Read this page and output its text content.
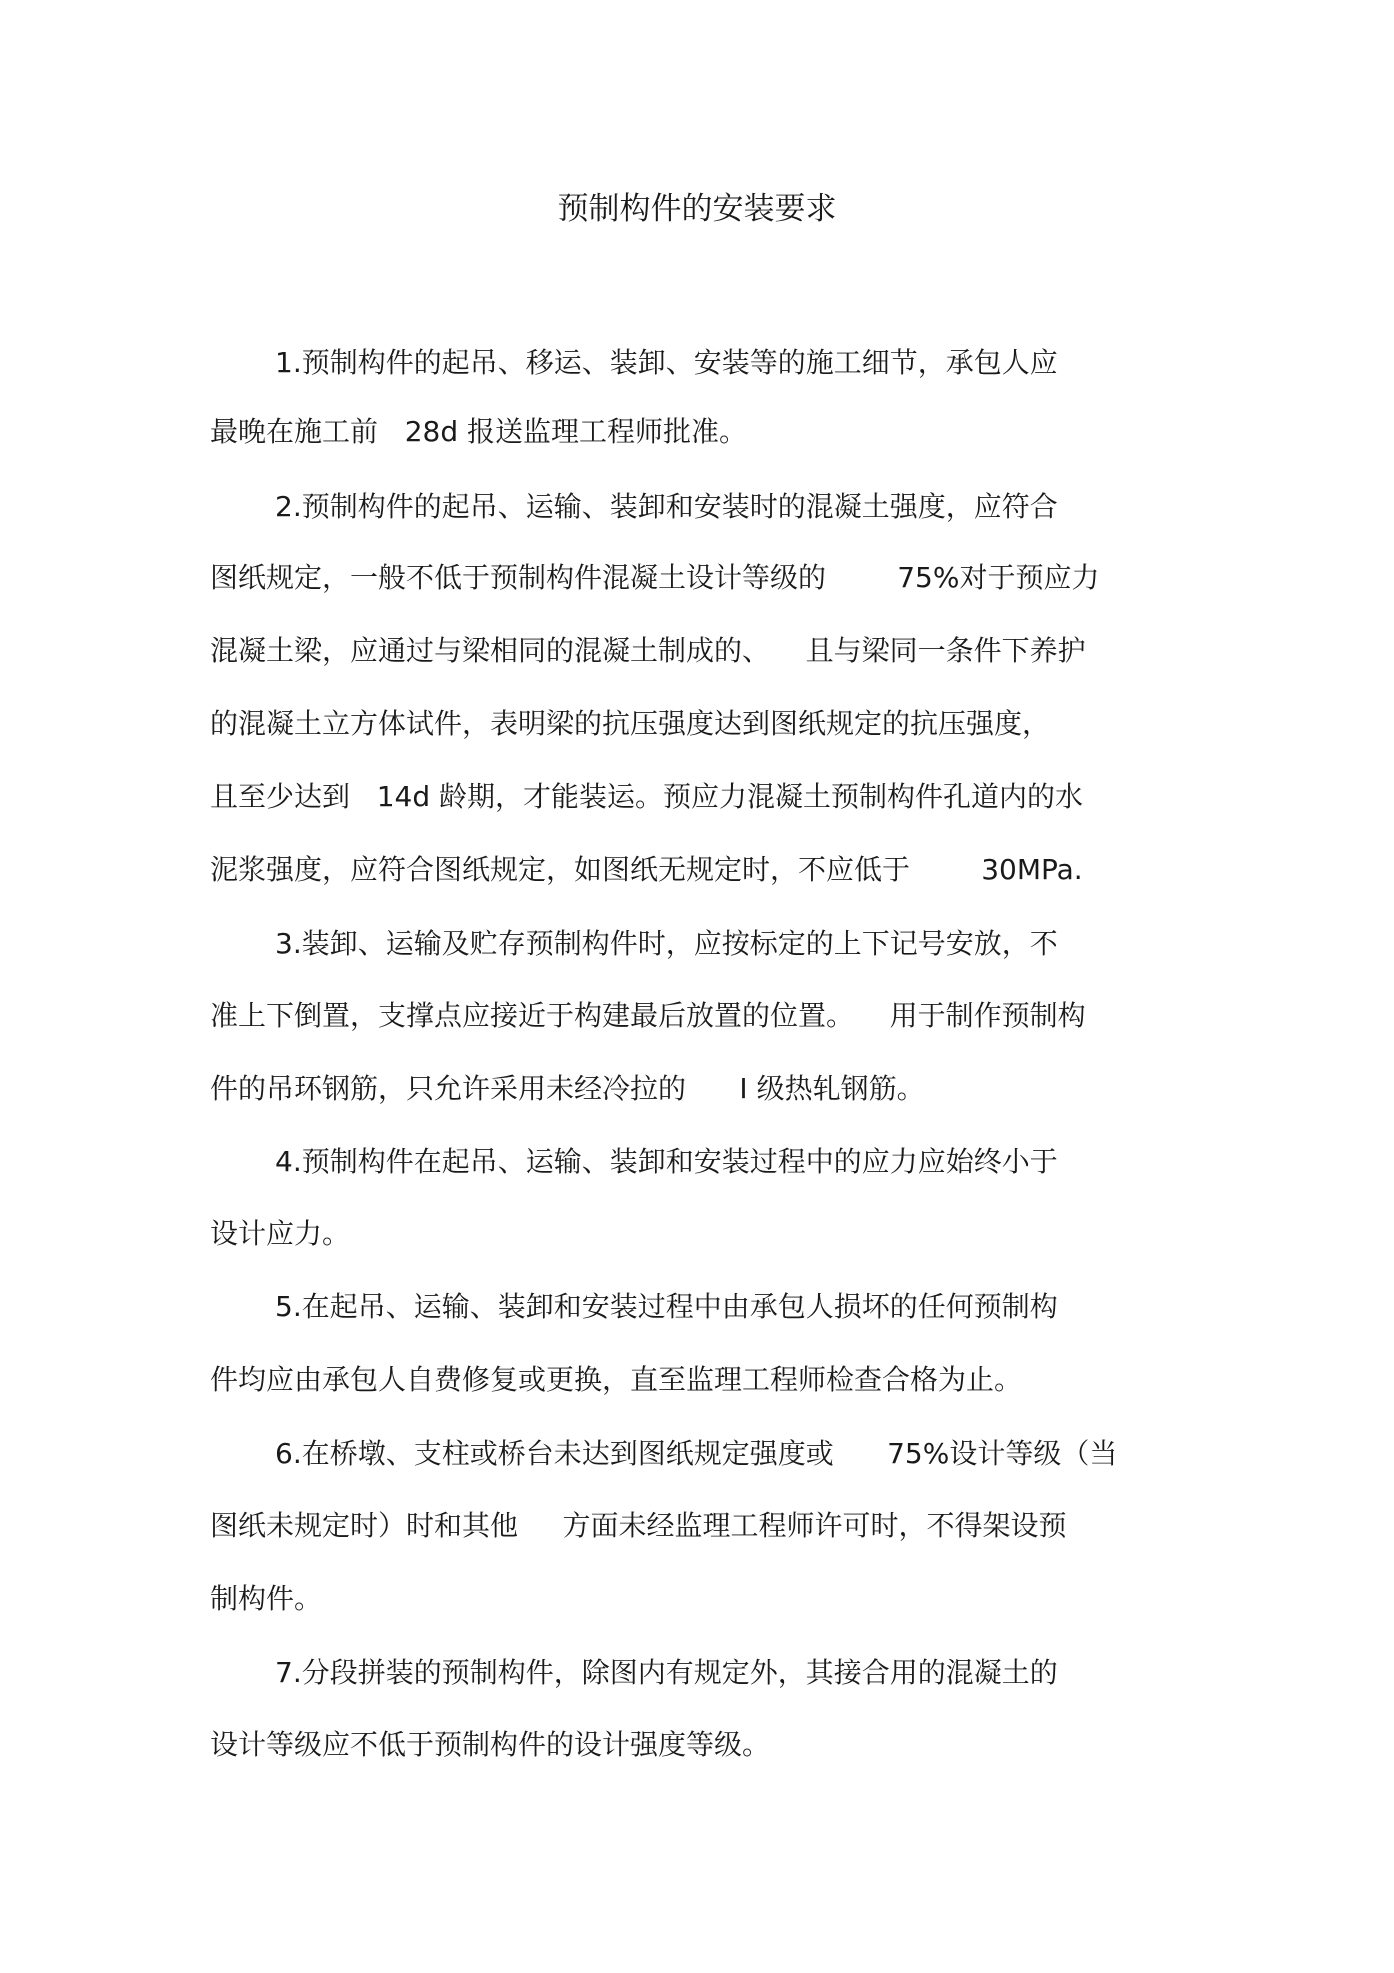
预制构件的安装要求

1.预制构件的起吊、移运、装卸、安装等的施工细节，承包人应

最晚在施工前   28d 报送监理工程师批准。

2.预制构件的起吊、运输、装卸和安装时的混凝土强度，应符合

图纸规定，一般不低于预制构件混凝土设计等级的        75%对于预应力

混凝土梁，应通过与梁相同的混凝土制成的、    且与梁同一条件下养护

的混凝土立方体试件，表明梁的抗压强度达到图纸规定的抗压强度，

且至少达到   14d 龄期，才能装运。预应力混凝土预制构件孔道内的水

泥浆强度，应符合图纸规定，如图纸无规定时，不应低于        30MPa.

3.装卸、运输及贮存预制构件时，应按标定的上下记号安放，不

准上下倒置，支撑点应接近于构建最后放置的位置。    用于制作预制构

件的吊环钢筋，只允许采用未经冷拉的      I 级热轧钢筋。

4.预制构件在起吊、运输、装卸和安装过程中的应力应始终小于

设计应力。

5.在起吊、运输、装卸和安装过程中由承包人损坏的任何预制构

件均应由承包人自费修复或更换，直至监理工程师检查合格为止。

6.在桥墩、支柱或桥台未达到图纸规定强度或      75%设计等级（当

图纸未规定时）时和其他     方面未经监理工程师许可时，不得架设预

制构件。

7.分段拼装的预制构件，除图内有规定外，其接合用的混凝土的

设计等级应不低于预制构件的设计强度等级。
